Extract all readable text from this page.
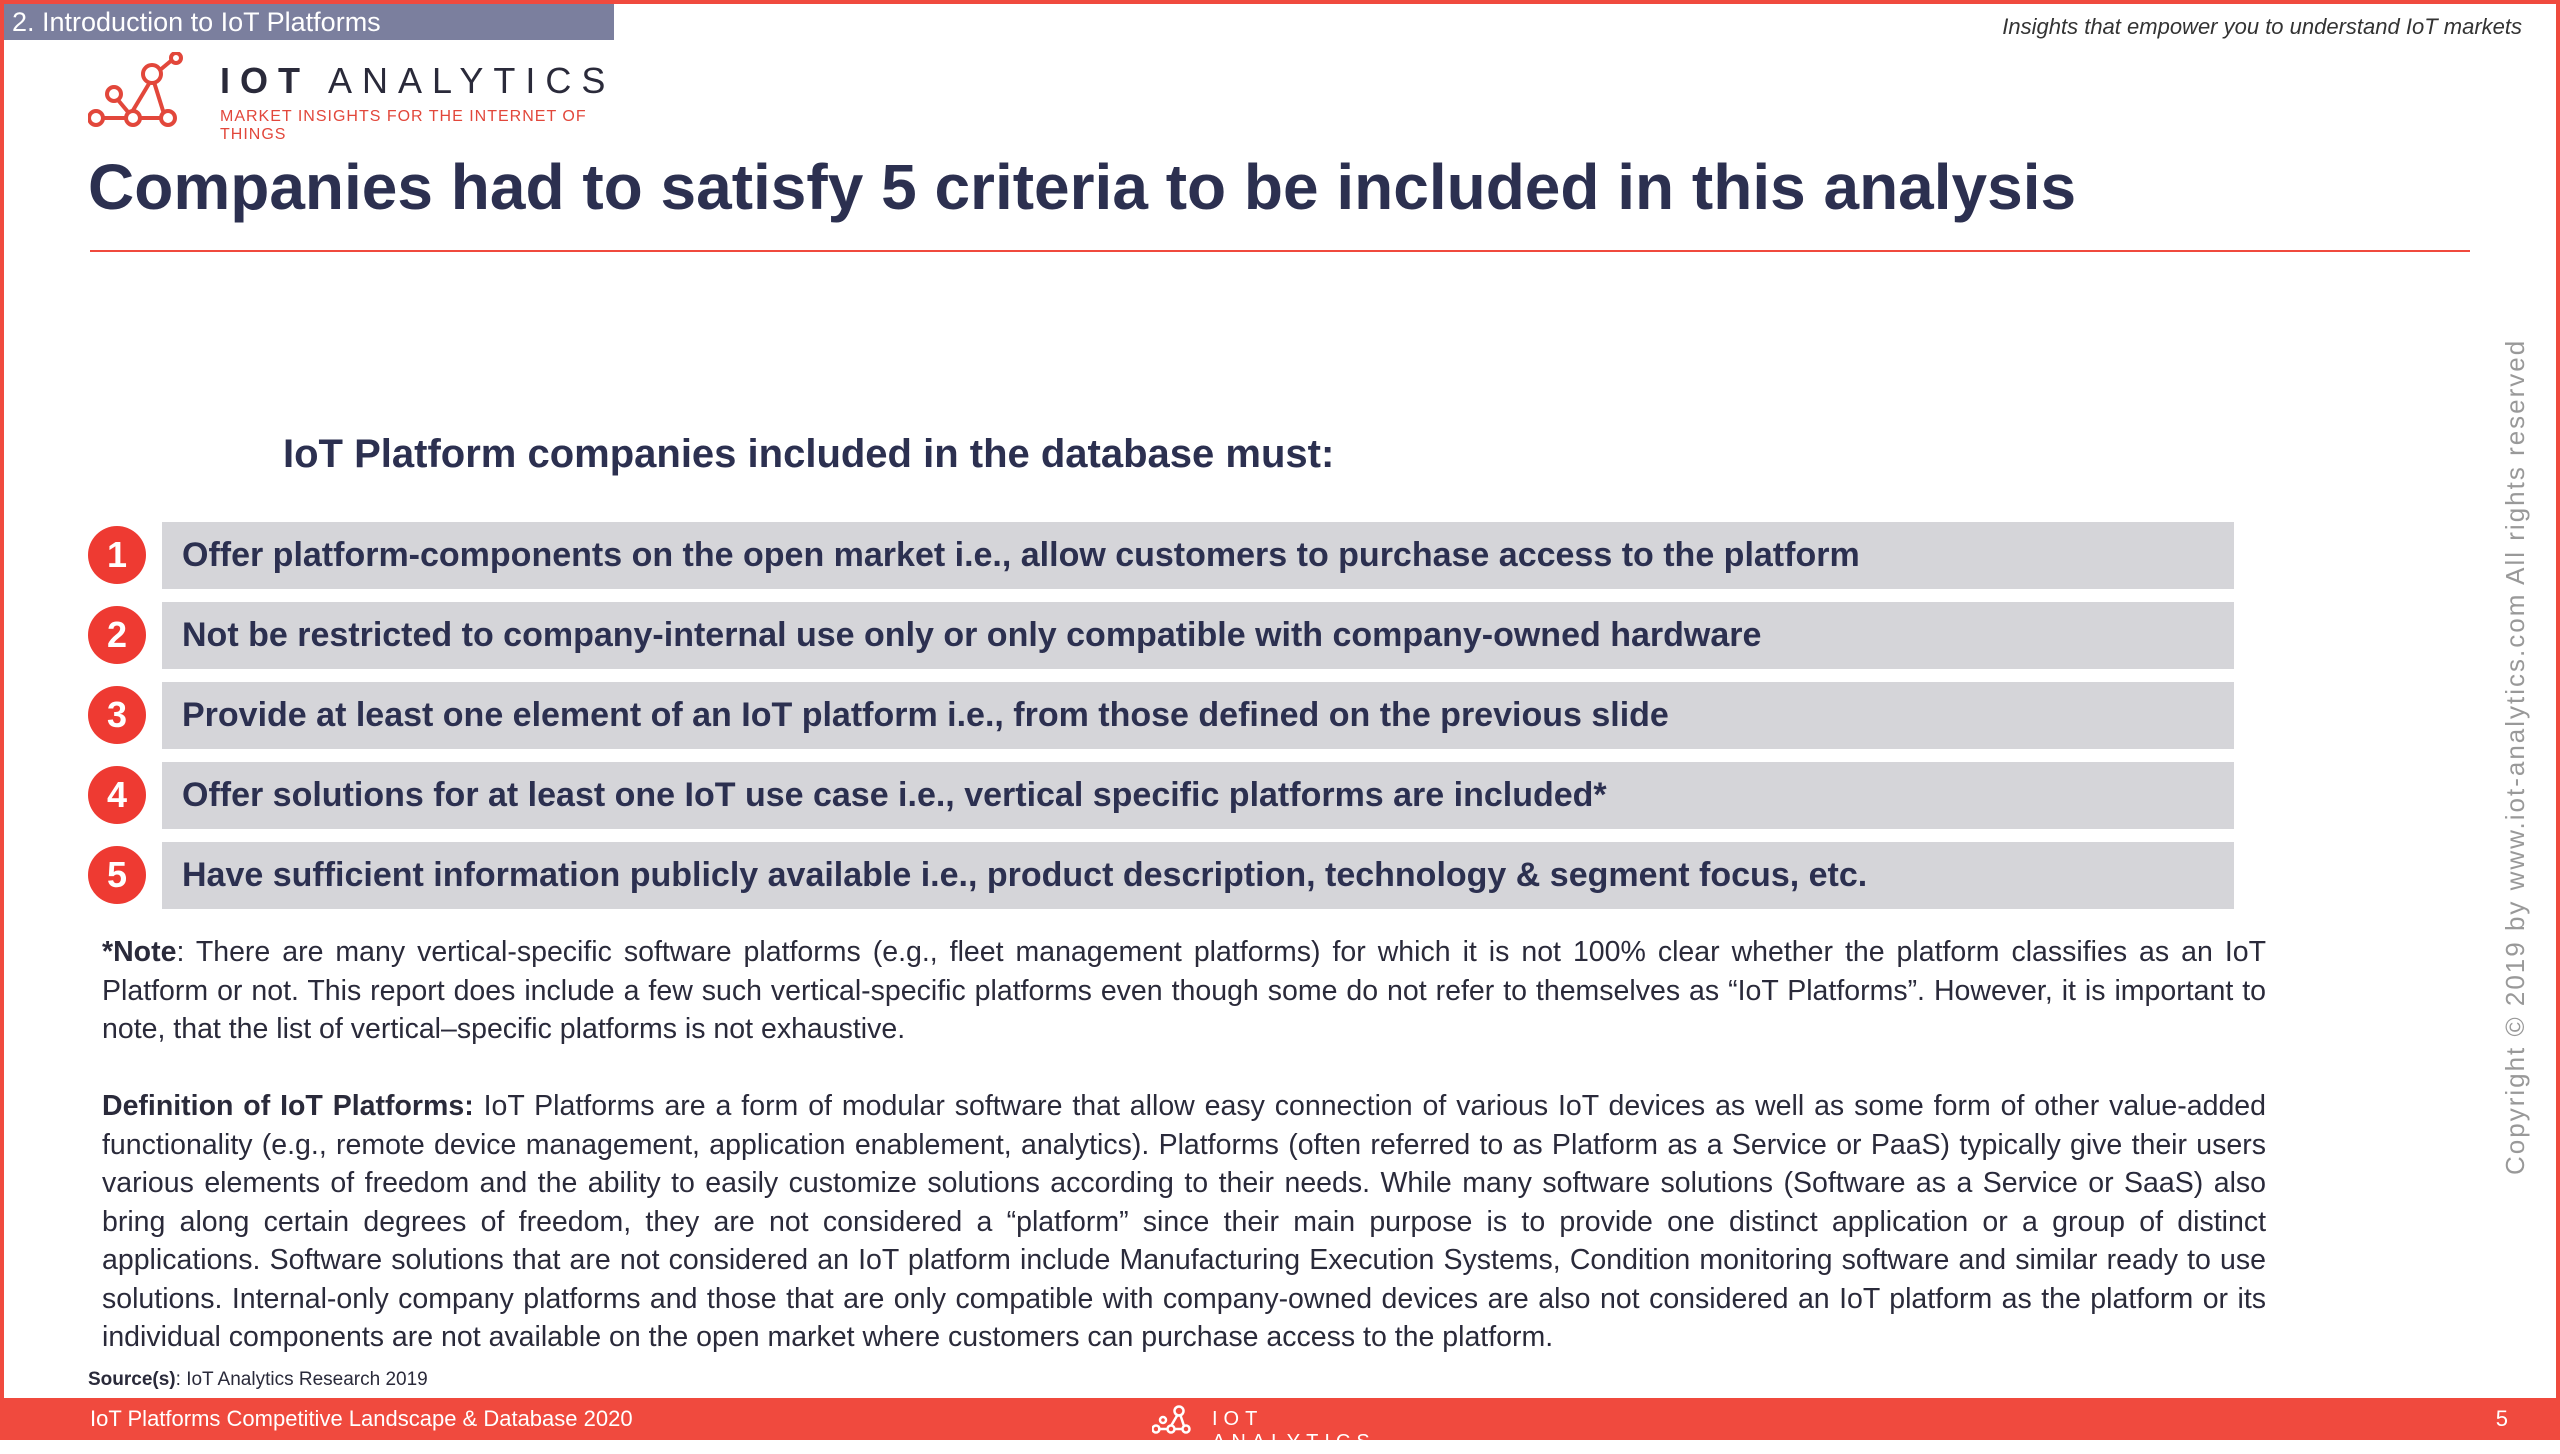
2. Introduction to IoT Platforms	Insights that empower you to understand IoT markets
IOT ANALYTICS
MARKET INSIGHTS FOR THE INTERNET OF THINGS
Companies had to satisfy 5 criteria to be included in this analysis
IoT Platform companies included in the database must:
1	Offer platform-components on the open market i.e., allow customers to purchase access to the platform
2	Not be restricted to company-internal use only or only compatible with company-owned hardware
3	Provide at least one element of an IoT platform i.e., from those defined on the previous slide
4	Offer solutions for at least one IoT use case i.e., vertical specific platforms are included*
5	Have sufficient information publicly available i.e., product description, technology & segment focus, etc.
*Note: There are many vertical-specific software platforms (e.g., fleet management platforms) for which it is not 100% clear whether the platform classifies as an IoT Platform or not. This report does include a few such vertical-specific platforms even though some do not refer to themselves as “IoT Platforms”. However, it is important to note, that the list of vertical–specific platforms is not exhaustive.
Definition of IoT Platforms: IoT Platforms are a form of modular software that allow easy connection of various IoT devices as well as some form of other value-added functionality (e.g., remote device management, application enablement, analytics). Platforms (often referred to as Platform as a Service or PaaS) typically give their users various elements of freedom and the ability to easily customize solutions according to their needs. While many software solutions (Software as a Service or SaaS) also bring along certain degrees of freedom, they are not considered a “platform” since their main purpose is to provide one distinct application or a group of distinct applications. Software solutions that are not considered an IoT platform include Manufacturing Execution Systems, Condition monitoring software and similar ready to use solutions. Internal-only company platforms and those that are only compatible with company-owned devices are also not considered an IoT platform as the platform or its individual components are not available on the open market where customers can purchase access to the platform.
Source(s): IoT Analytics Research 2019
Copyright © 2019 by www.iot-analytics.com All rights reserved
IoT Platforms Competitive Landscape & Database 2020	IOT ANALYTICS
5
